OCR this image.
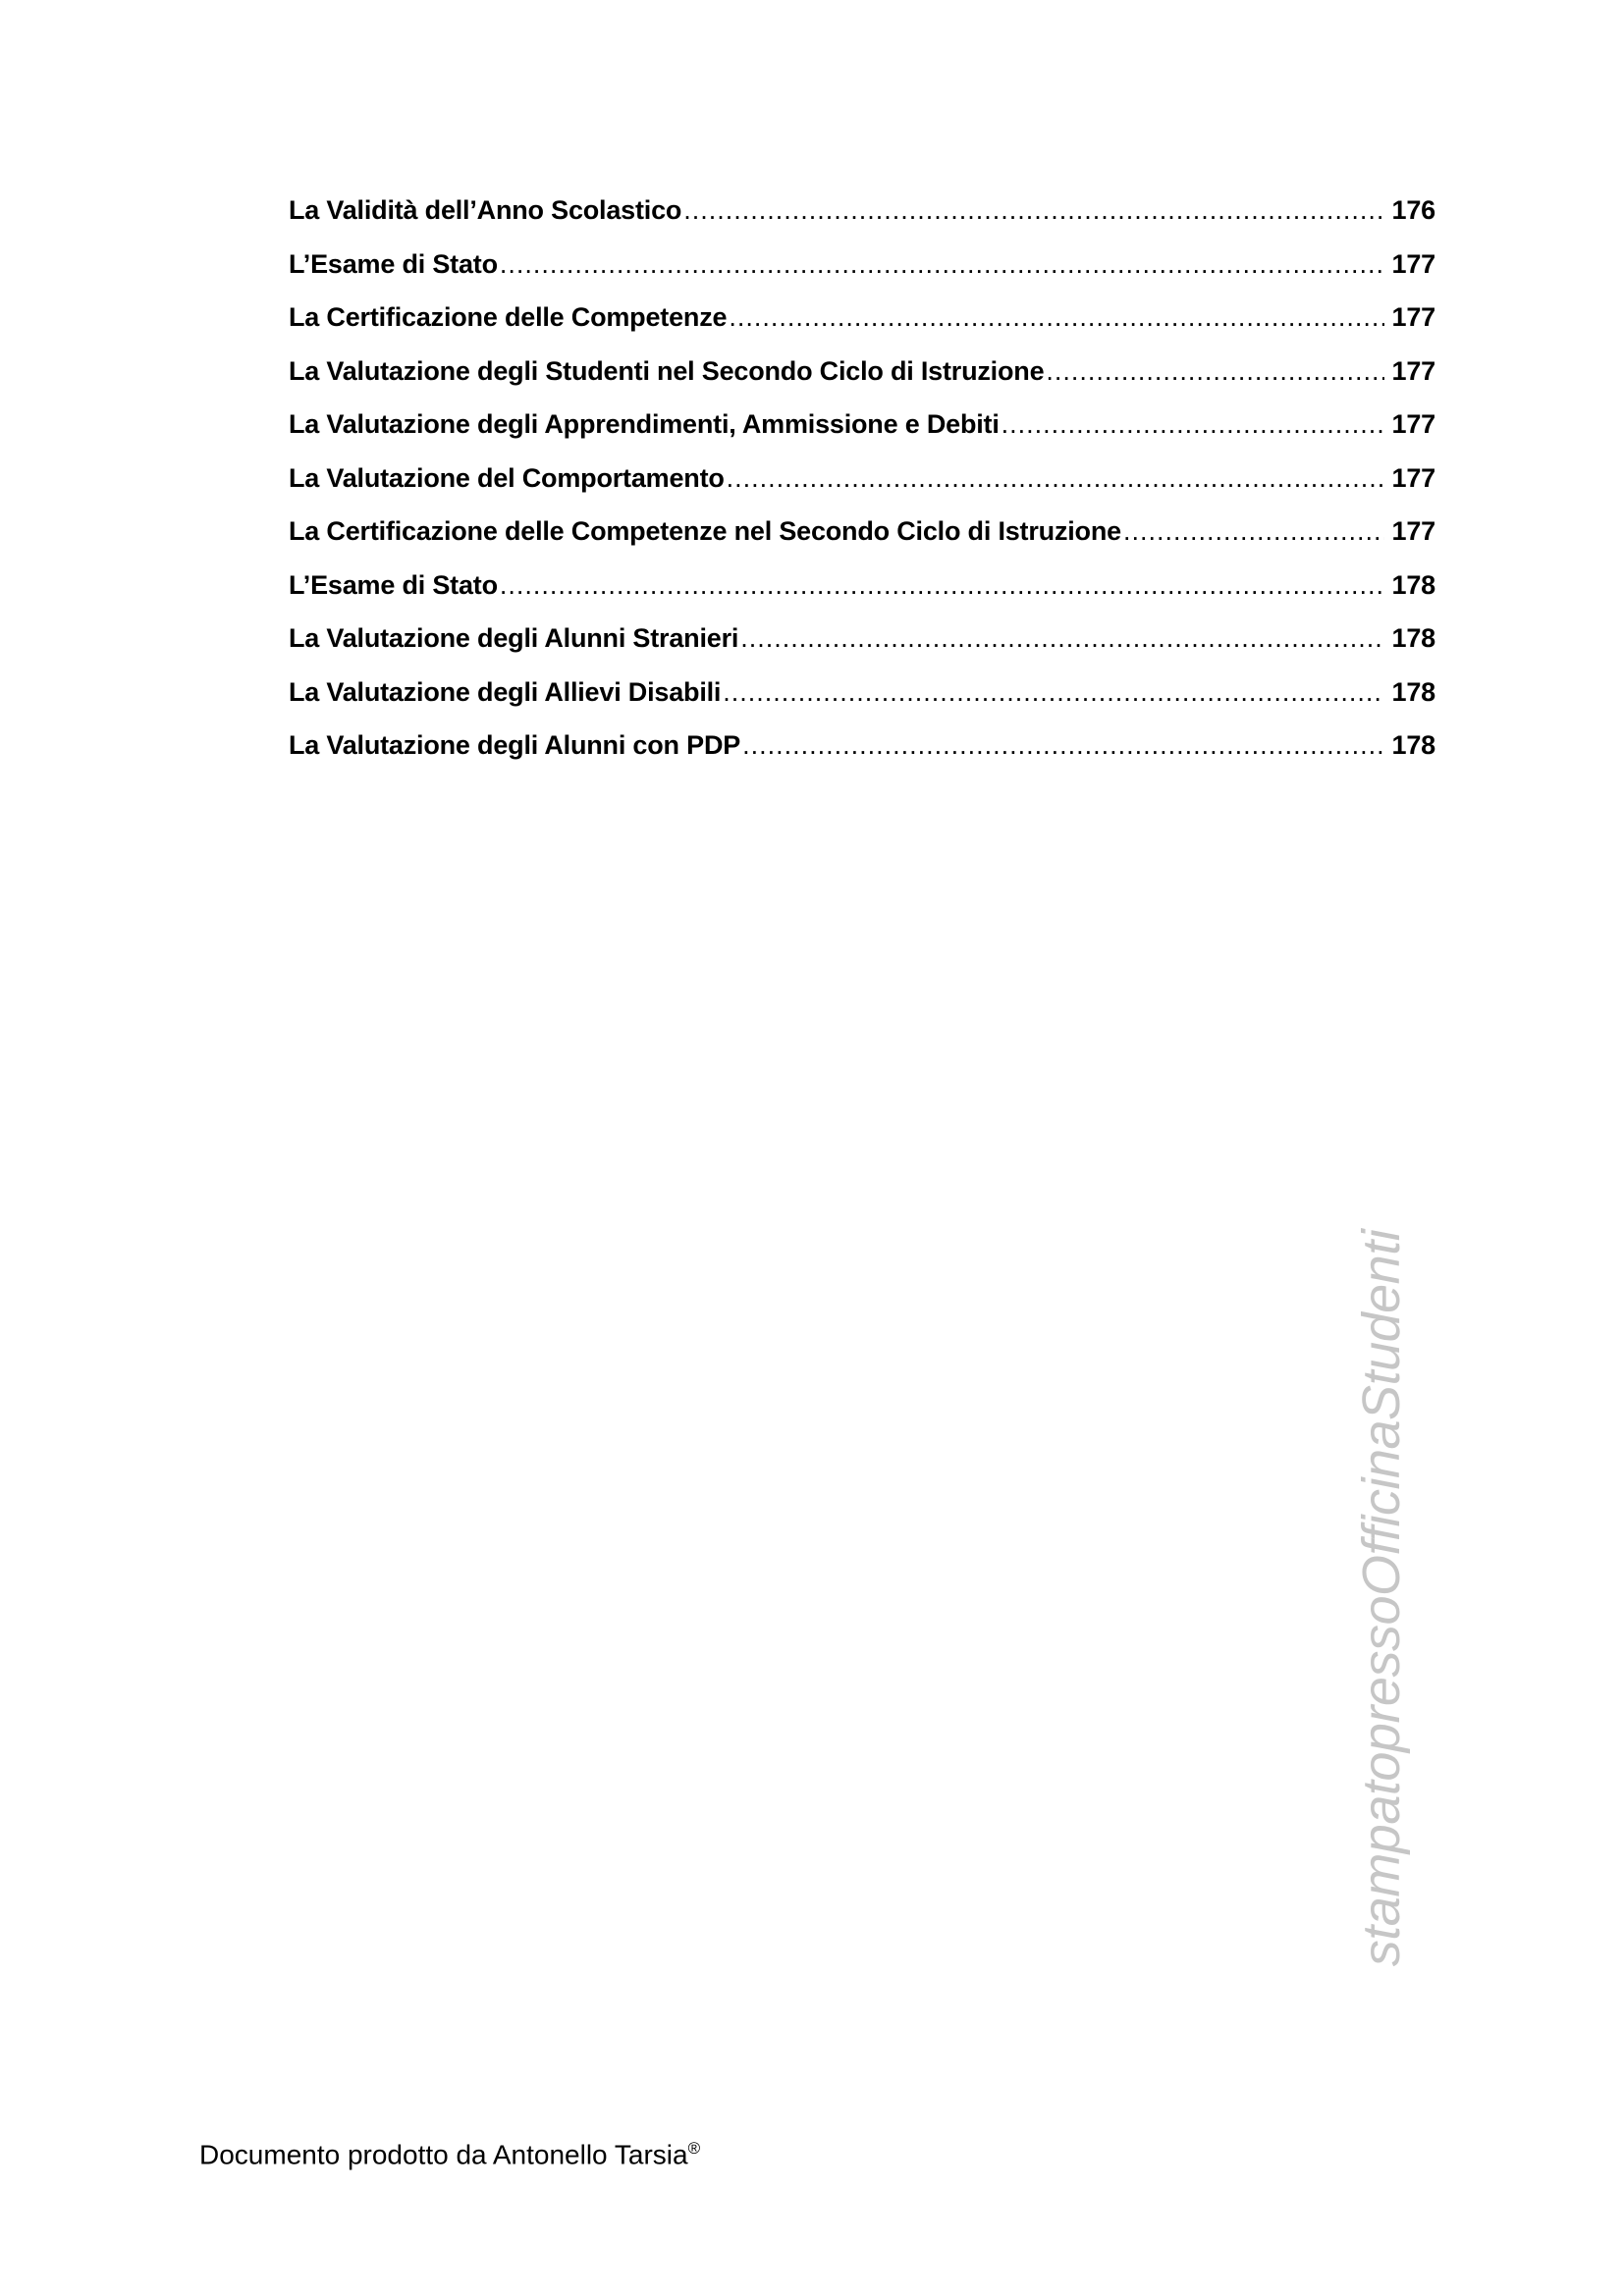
La Validità dell’Anno Scolastico .....	176
L’Esame di Stato .....	177
La Certificazione delle Competenze .....	177
La Valutazione degli Studenti nel Secondo Ciclo di Istruzione .....	177
La Valutazione degli Apprendimenti, Ammissione e Debiti .....	177
La Valutazione del Comportamento .....	177
La Certificazione delle Competenze nel Secondo Ciclo di Istruzione .....	177
L’Esame di Stato .....	178
La Valutazione degli Alunni Stranieri .....	178
La Valutazione degli Allievi Disabili .....	178
La Valutazione degli Alunni con PDP .....	178
stampatopressoOfficinaStudenti
Documento prodotto da Antonello Tarsia®
